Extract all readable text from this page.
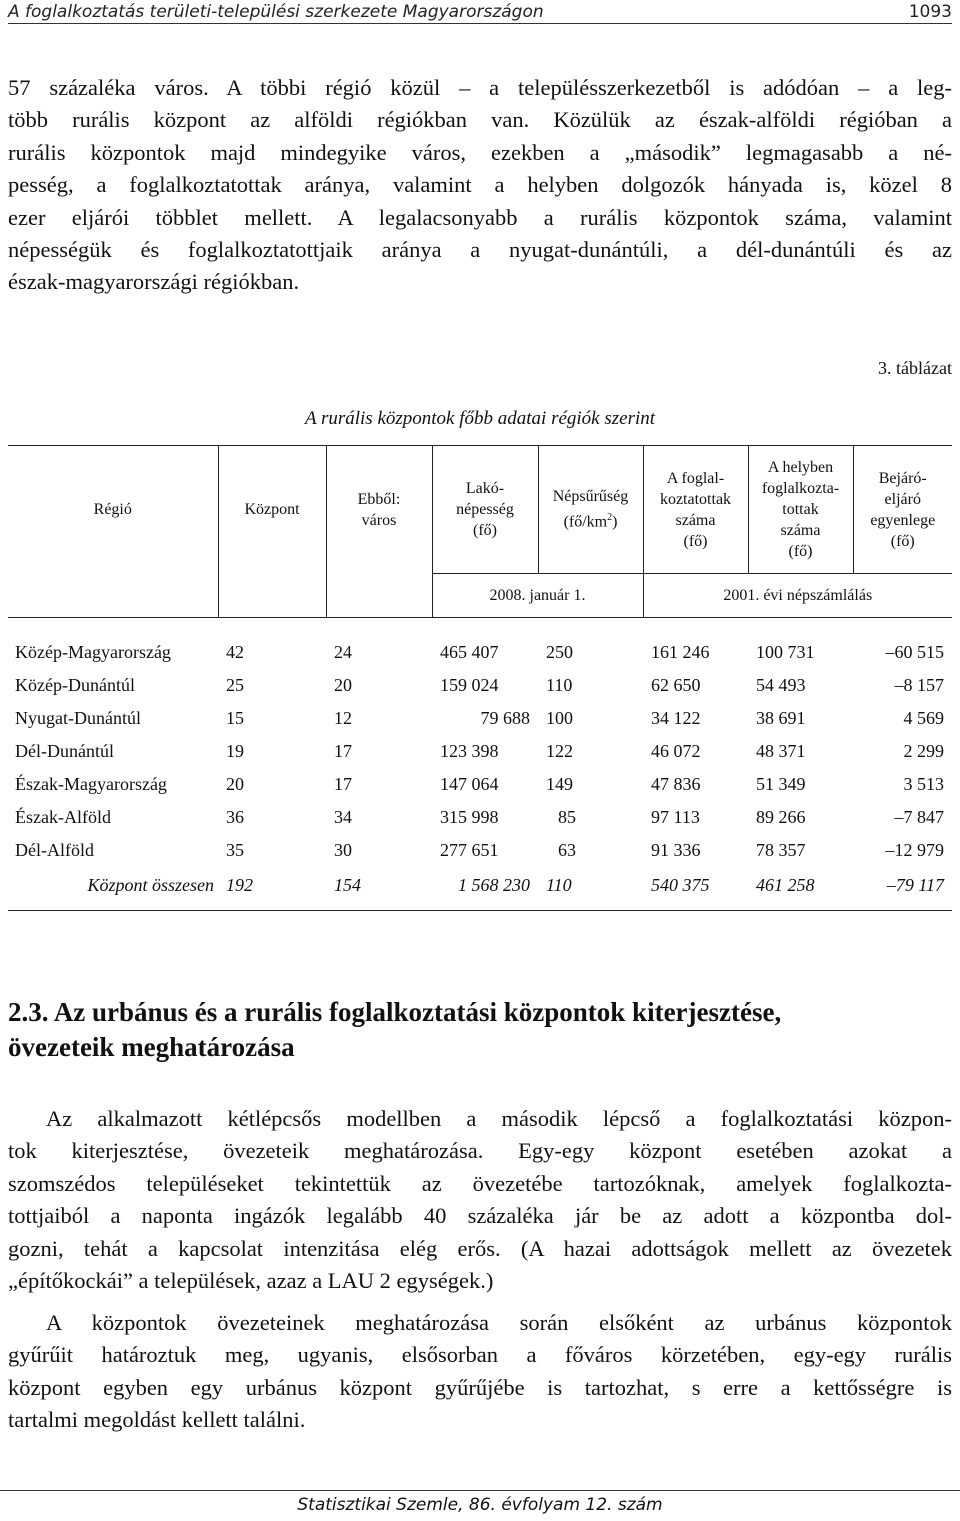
A foglalkoztatás területi-települési szerkezete Magyarországon	1093
57 százaléka város. A többi régió közül – a településszerkezetből is adódóan – a leg-
több rurális központ az alföldi régiókban van. Közülük az észak-alföldi régióban a
rurális központok majd mindegyike város, ezekben a „második” legmagasabb a né-
pesség, a foglalkoztatottak aránya, valamint a helyben dolgozók hányada is, közel 8
ezer eljárói többlet mellett. A legalacsonyabb a rurális központok száma, valamint
népességük és foglalkoztatottjaik aránya a nyugat-dunántúli, a dél-dunántúli és az
észak-magyarországi régiókban.
3. táblázat
A rurális központok főbb adatai régiók szerint
Régió	Központ	Ebből:
város	Lakó-
népesség
(fő)	Népsűrűség
$(fő/km^2)$	A foglal-
koztatottak
száma
(fő)	A helyben
foglalkozta-
tottak
száma
(fő)	Bejáró-
eljáró
egyenlege
(fő)
			2008. január 1.		2001. évi népszámlálás		
Közép-Magyarország	42	24	465 407	250	161 246	100 731	–60 515
Közép-Dunántúl	25	20	159 024	110	62 650	54 493	–8 157
Nyugat-Dunántúl	15	12	79 688	100	34 122	38 691	4 569
Dél-Dunántúl	19	17	123 398	122	46 072	48 371	2 299
Észak-Magyarország	20	17	147 064	149	47 836	51 349	3 513
Észak-Alföld	36	34	315 998	85	97 113	89 266	–7 847
Dél-Alföld	35	30	277 651	63	91 336	78 357	–12 979
Központ összesen	192	154	1 568 230	110	540 375	461 258	–79 117
2.3. Az urbánus és a rurális foglalkoztatási központok kiterjesztése,
övezeteik meghatározása
Az alkalmazott kétlépcsős modellben a második lépcső a foglalkoztatási közpon-
tok kiterjesztése, övezeteik meghatározása. Egy-egy központ esetében azokat a
szomszédos településeket tekintettük az övezetébe tartozóknak, amelyek foglalkozta-
tottjaiból a naponta ingázók legalább 40 százaléka jár be az adott a központba dol-
gozni, tehát a kapcsolat intenzitása elég erős. (A hazai adottságok mellett az övezetek
„építőkockái” a települések, azaz a LAU 2 egységek.)
A központok övezeteinek meghatározása során elsőként az urbánus központok
gyűrűit határoztuk meg, ugyanis, elsősorban a főváros körzetében, egy-egy rurális
központ egyben egy urbánus központ gyűrűjébe is tartozhat, s erre a kettősségre is
tartalmi megoldást kellett találni.
Statisztikai Szemle, 86. évfolyam 12. szám
